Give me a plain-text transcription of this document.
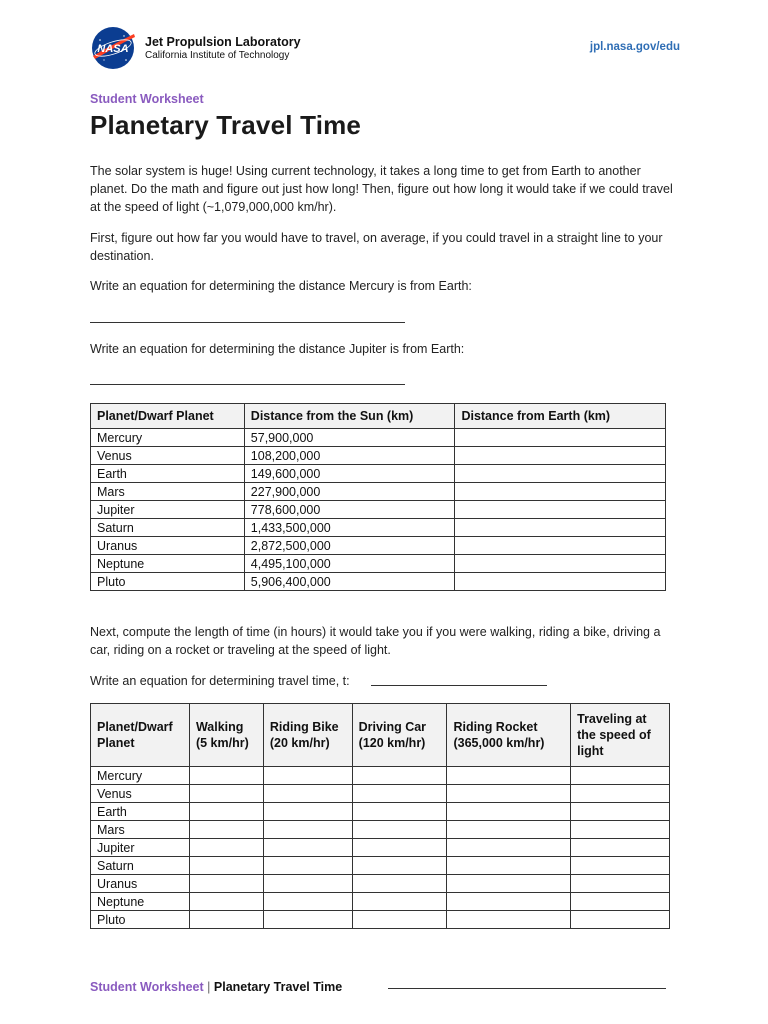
NASA Jet Propulsion Laboratory
California Institute of Technology
jpl.nasa.gov/edu
Student Worksheet
Planetary Travel Time
The solar system is huge! Using current technology, it takes a long time to get from Earth to another planet. Do the math and figure out just how long! Then, figure out how long it would take if we could travel at the speed of light (~1,079,000,000 km/hr).
First, figure out how far you would have to travel, on average, if you could travel in a straight line to your destination.
Write an equation for determining the distance Mercury is from Earth:
Write an equation for determining the distance Jupiter is from Earth:
Planet/Dwarf Planet	Distance from the Sun (km)	Distance from Earth (km)
Mercury	57,900,000	
Venus	108,200,000	
Earth	149,600,000	
Mars	227,900,000	
Jupiter	778,600,000	
Saturn	1,433,500,000	
Uranus	2,872,500,000	
Neptune	4,495,100,000	
Pluto	5,906,400,000	
Next, compute the length of time (in hours) it would take you if you were walking, riding a bike, driving a car, riding on a rocket or traveling at the speed of light.
Write an equation for determining travel time, t:
Planet/Dwarf Planet	Walking (5 km/hr)	Riding Bike (20 km/hr)	Driving Car (120 km/hr)	Riding Rocket (365,000 km/hr)	Traveling at the speed of light
Mercury					
Venus					
Earth					
Mars					
Jupiter					
Saturn					
Uranus					
Neptune					
Pluto					
Student Worksheet | Planetary Travel Time
